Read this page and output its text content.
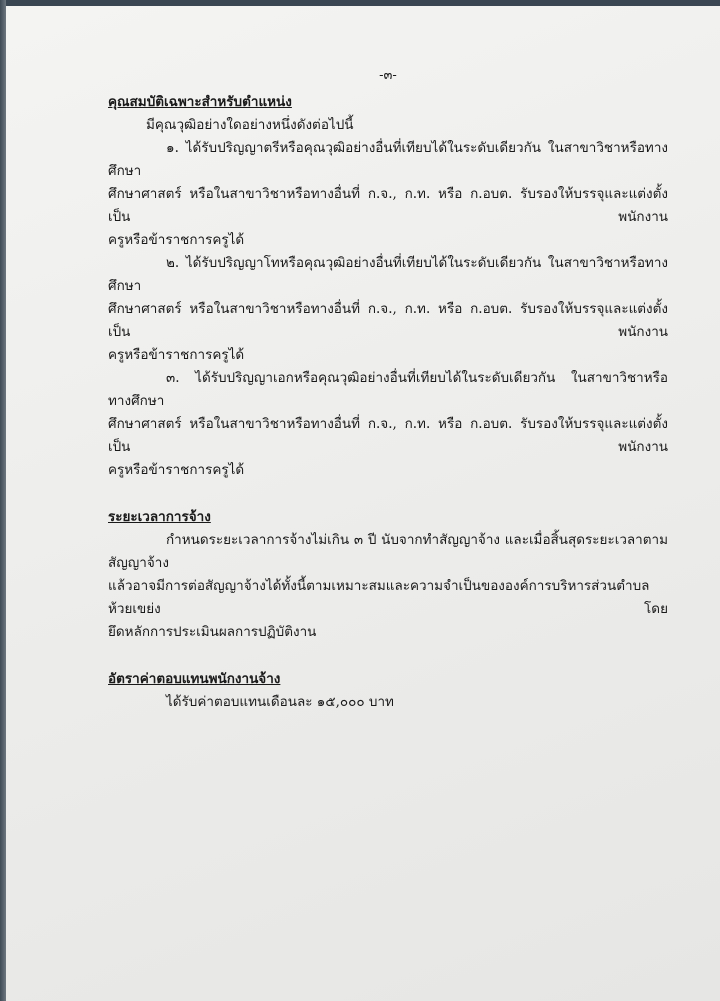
-๓-
คุณสมบัติเฉพาะสำหรับตำแหน่ง

มีคุณวุฒิอย่างใดอย่างหนึ่งดังต่อไปนี้

๑. ได้รับปริญญาตรีหรือคุณวุฒิอย่างอื่นที่เทียบได้ในระดับเดียวกัน ในสาขาวิชาหรือทางศึกษา

ศึกษาศาสตร์ หรือในสาขาวิชาหรือทางอื่นที่ ก.จ., ก.ท. หรือ ก.อบต. รับรองให้บรรจุและแต่งตั้งเป็น พนักงาน

ครูหรือข้าราชการครูได้

๒. ได้รับปริญญาโทหรือคุณวุฒิอย่างอื่นที่เทียบได้ในระดับเดียวกัน ในสาขาวิชาหรือทางศึกษา

ศึกษาศาสตร์ หรือในสาขาวิชาหรือทางอื่นที่ ก.จ., ก.ท. หรือ ก.อบต. รับรองให้บรรจุและแต่งตั้งเป็น พนักงาน

ครูหรือข้าราชการครูได้

๓. ได้รับปริญญาเอกหรือคุณวุฒิอย่างอื่นที่เทียบได้ในระดับเดียวกัน ในสาขาวิชาหรือทางศึกษา

ศึกษาศาสตร์ หรือในสาขาวิชาหรือทางอื่นที่ ก.จ., ก.ท. หรือ ก.อบต. รับรองให้บรรจุและแต่งตั้งเป็น พนักงาน

ครูหรือข้าราชการครูได้

ระยะเวลาการจ้าง

กำหนดระยะเวลาการจ้างไม่เกิน ๓ ปี นับจากทำสัญญาจ้าง และเมื่อสิ้นสุดระยะเวลาตามสัญญาจ้าง

แล้วอาจมีการต่อสัญญาจ้างได้ทั้งนี้ตามเหมาะสมและความจำเป็นขององค์การบริหารส่วนตำบลห้วยเขย่ง โดย

ยึดหลักการประเมินผลการปฏิบัติงาน

อัตราค่าตอบแทนพนักงานจ้าง

ได้รับค่าตอบแทนเดือนละ ๑๕,๐๐๐ บาท
